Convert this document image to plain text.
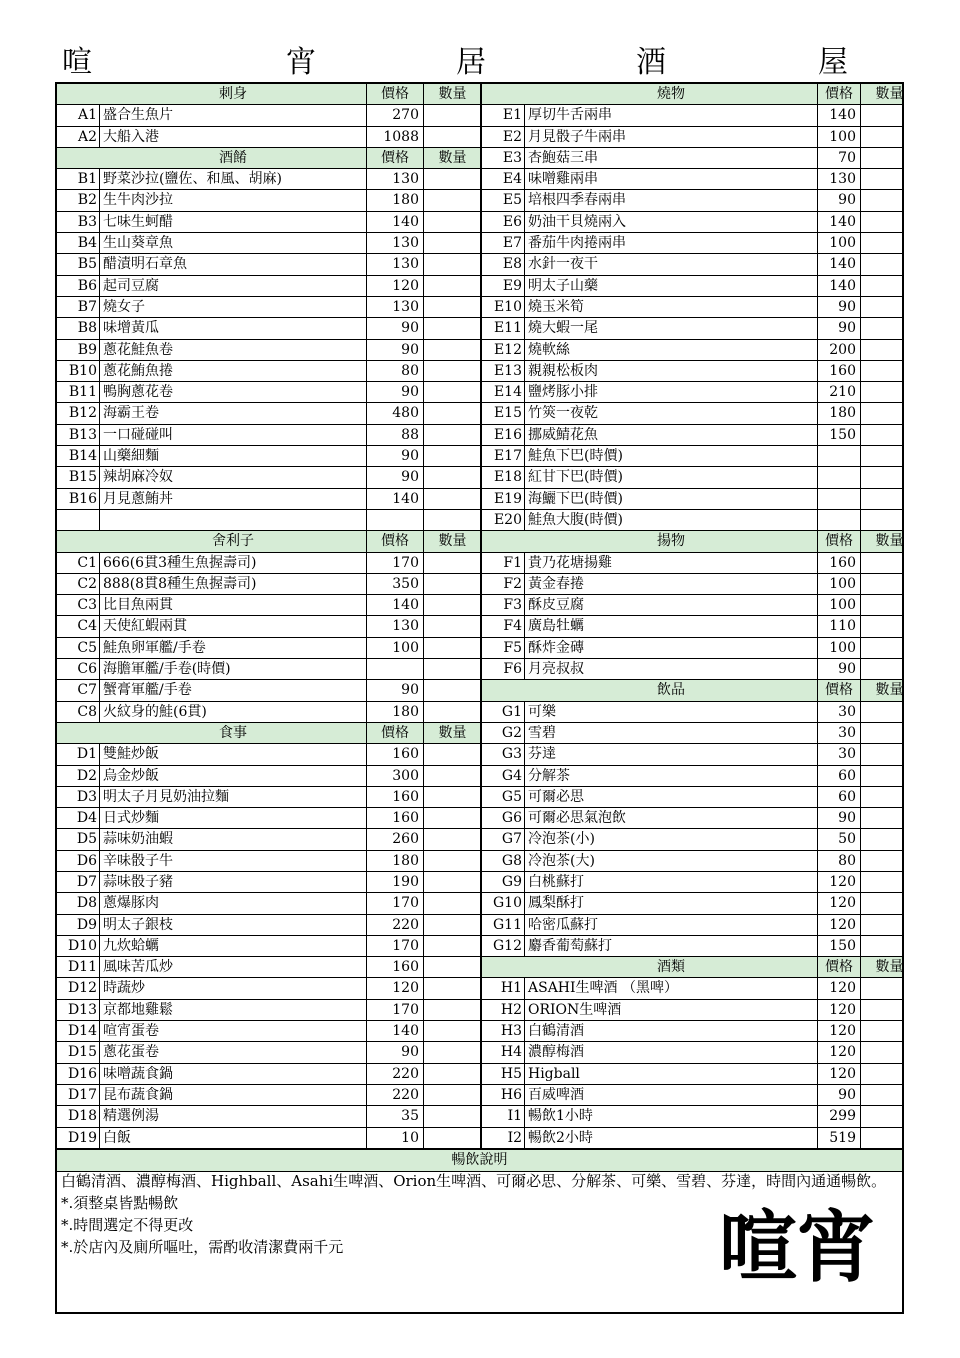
喧	宵	居	酒	屋
刺身	價格	數量
A1 盛合生魚片	270
A2 大船入港	1088
酒餚	價格	數量
B1 野菜沙拉(鹽佐、和風、胡麻)	130
B2 生牛肉沙拉	180
B3 七味生蚵醋	140
B4 生山葵章魚	130
B5 醋漬明石章魚	130
B6 起司豆腐	120
B7 燒女子	130
B8 味增黃瓜	90
B9 蔥花鮭魚卷	90
B10 蔥花鮪魚捲	80
B11 鴨胸蔥花卷	90
B12 海霸王卷	480
B13 一口碰碰叫	88
B14 山藥細麵	90
B15 辣胡麻冷奴	90
B16 月見蔥鮪丼	140
舍利子	價格	數量
C1 666(6貫3種生魚握壽司)	170
C2 888(8貫8種生魚握壽司)	350
C3 比目魚兩貫	140
C4 天使紅蝦兩貫	130
C5 鮭魚卵軍艦/手卷	100
C6 海膽軍艦/手卷(時價)
C7 蟹膏軍艦/手卷	90
C8 火紋身的鮭(6貫)	180
食事	價格	數量
D1 雙鮭炒飯	160
D2 烏金炒飯	300
D3 明太子月見奶油拉麵	160
D4 日式炒麵	160
D5 蒜味奶油蝦	260
D6 辛味骰子牛	180
D7 蒜味骰子豬	190
D8 蔥爆豚肉	170
D9 明太子銀枝	220
D10 九炊蛤蠣	170
D11 風味苦瓜炒	160
D12 時蔬炒	120
D13 京都地雞鬆	170
D14 喧宵蛋卷	140
D15 蔥花蛋卷	90
D16 味噌蔬食鍋	220
D17 昆布蔬食鍋	220
D18 精選例湯	35
D19 白飯	10
燒物	價格	數量
E1 厚切牛舌兩串	140
E2 月見骰子牛兩串	100
E3 杏鮑菇三串	70
E4 味噌雞兩串	130
E5 培根四季春兩串	90
E6 奶油干貝燒兩入	140
E7 番茄牛肉捲兩串	100
E8 水針一夜干	140
E9 明太子山藥	140
E10 燒玉米筍	90
E11 燒大蝦一尾	90
E12 燒軟絲	200
E13 親親松板肉	160
E14 鹽烤豚小排	210
E15 竹筴一夜乾	180
E16 挪威鯖花魚	150
E17 鮭魚下巴(時價)
E18 紅甘下巴(時價)
E19 海鱺下巴(時價)
E20 鮭魚大腹(時價)
揚物	價格	數量
F1 貴乃花塘揚雞	160
F2 黃金春捲	100
F3 酥皮豆腐	100
F4 廣島牡蠣	110
F5 酥炸金磚	100
F6 月亮叔叔	90
飲品	價格	數量
G1 可樂	30
G2 雪碧	30
G3 芬達	30
G4 分解茶	60
G5 可爾必思	60
G6 可爾必思氣泡飲	90
G7 冷泡茶(小)	50
G8 冷泡茶(大)	80
G9 白桃蘇打	120
G10 鳳梨酥打	120
G11 哈密瓜蘇打	120
G12 麝香葡萄蘇打	150
酒類	價格	數量
H1 ASAHI生啤酒 （黑啤）	120
H2 ORION生啤酒	120
H3 白鶴清酒	120
H4 濃醇梅酒	120
H5 Higball	120
H6 百威啤酒	90
I1 暢飲1小時	299
I2 暢飲2小時	519
暢飲說明

白鶴清酒、濃醇梅酒、Highball、Asahi生啤酒、Orion生啤酒、可爾必思、分解茶、可樂、雪碧、芬達，時間內通通暢飲。

*.須整桌皆點暢飲

*.時間選定不得更改

*.於店內及廁所嘔吐，需酌收清潔費兩千元	喧宵
